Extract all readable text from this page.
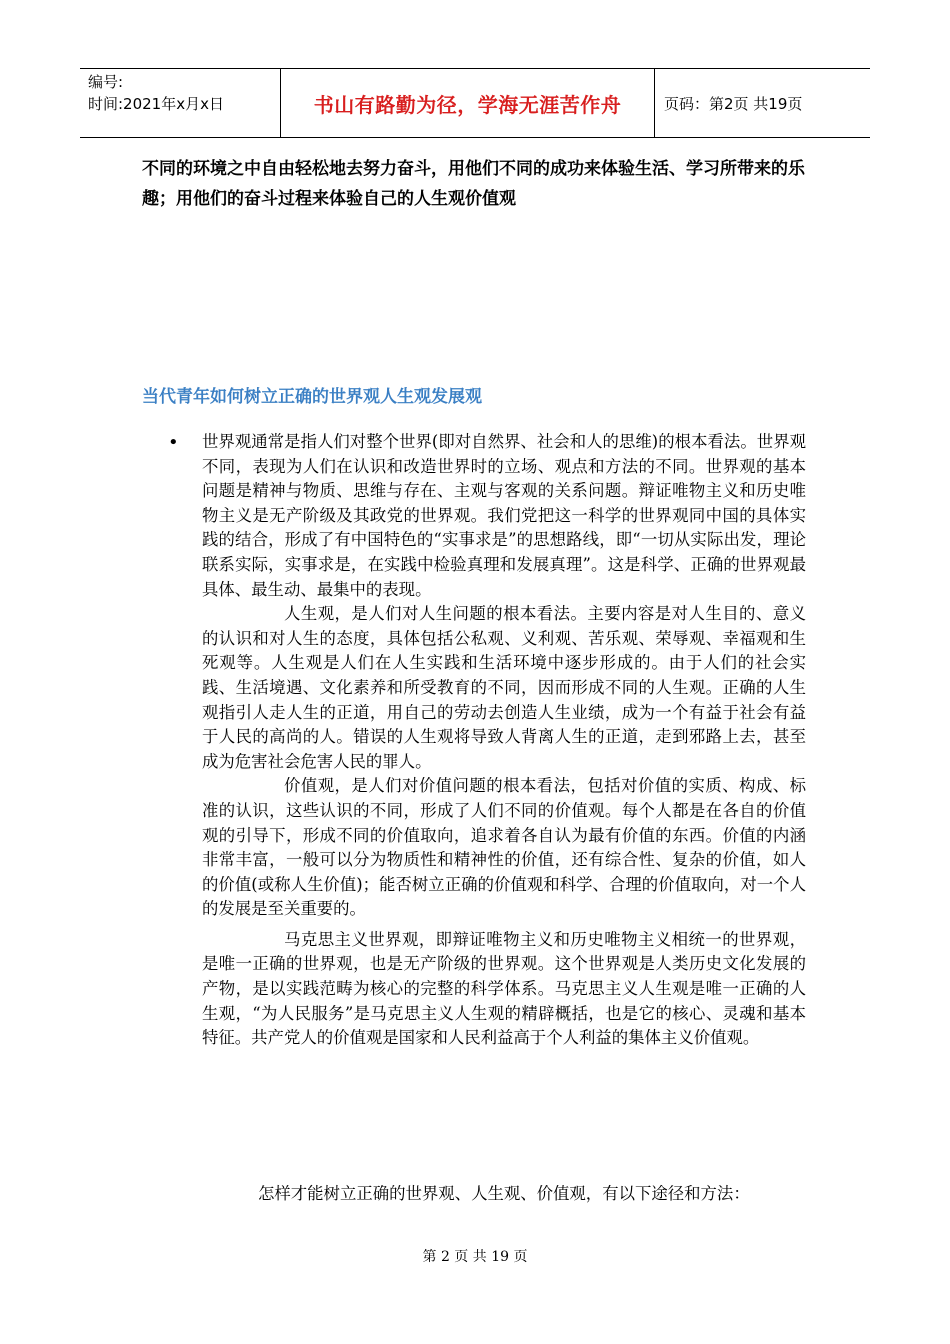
编号:
时间:2021年x月x日	书山有路勤为径，学海无涯苦作舟	页码：第2页 共19页

不同的环境之中自由轻松地去努力奋斗，用他们不同的成功来体验生活、学习所带来的乐趣；用他们的奋斗过程来体验自己的人生观价值观

当代青年如何树立正确的世界观人生观发展观
• 世界观通常是指人们对整个世界(即对自然界、社会和人的思维)的根本看法。世界观不同，表现为人们在认识和改造世界时的立场、观点和方法的不同。世界观的基本问题是精神与物质、思维与存在、主观与客观的关系问题。辩证唯物主义和历史唯物主义是无产阶级及其政党的世界观。我们党把这一科学的世界观同中国的具体实践的结合，形成了有中国特色的“实事求是”的思想路线，即“一切从实际出发，理论联系实际，实事求是，在实践中检验真理和发展真理”。这是科学、正确的世界观最具体、最生动、最集中的表现。

人生观，是人们对人生问题的根本看法。主要内容是对人生目的、意义的认识和对人生的态度，具体包括公私观、义利观、苦乐观、荣辱观、幸福观和生死观等。人生观是人们在人生实践和生活环境中逐步形成的。由于人们的社会实践、生活境遇、文化素养和所受教育的不同，因而形成不同的人生观。正确的人生观指引人走人生的正道，用自己的劳动去创造人生业绩，成为一个有益于社会有益于人民的高尚的人。错误的人生观将导致人背离人生的正道，走到邪路上去，甚至成为危害社会危害人民的罪人。

价值观，是人们对价值问题的根本看法，包括对价值的实质、构成、标准的认识，这些认识的不同，形成了人们不同的价值观。每个人都是在各自的价值观的引导下，形成不同的价值取向，追求着各自认为最有价值的东西。价值的内涵非常丰富，一般可以分为物质性和精神性的价值，还有综合性、复杂的价值，如人的价值(或称人生价值)；能否树立正确的价值观和科学、合理的价值取向，对一个人的发展是至关重要的。

马克思主义世界观，即辩证唯物主义和历史唯物主义相统一的世界观，是唯一正确的世界观，也是无产阶级的世界观。这个世界观是人类历史文化发展的产物，是以实践范畴为核心的完整的科学体系。马克思主义人生观是唯一正确的人生观，“为人民服务”是马克思主义人生观的精辟概括，也是它的核心、灵魂和基本特征。共产党人的价值观是国家和人民利益高于个人利益的集体主义价值观。

怎样才能树立正确的世界观、人生观、价值观，有以下途径和方法：

第 2 页 共 19 页
